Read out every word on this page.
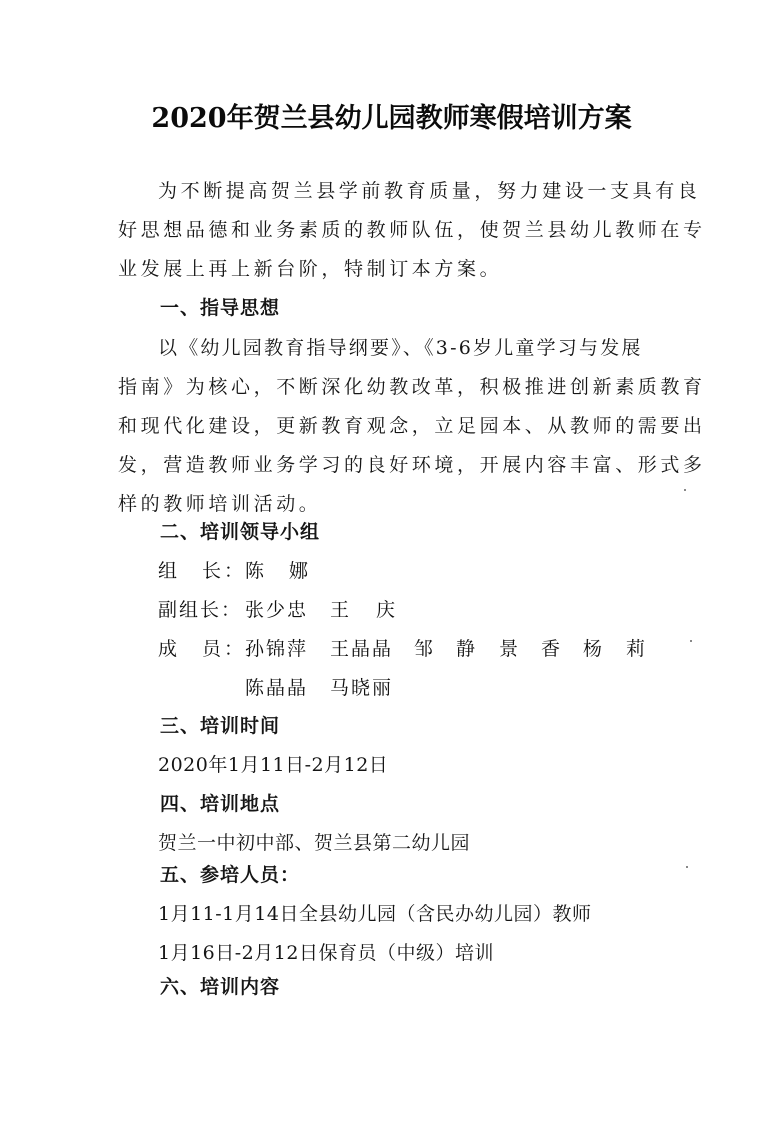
2020年贺兰县幼儿园教师寒假培训方案
为不断提高贺兰县学前教育质量，努力建设一支具有良
好思想品德和业务素质的教师队伍，使贺兰县幼儿教师在专
业发展上再上新台阶，特制订本方案。
一、指导思想
以《幼儿园教育指导纲要》、《3-6岁儿童学习与发展
指南》为核心，不断深化幼教改革，积极推进创新素质教育
和现代化建设，更新教育观念，立足园本、从教师的需要出
发，营造教师业务学习的良好环境，开展内容丰富、形式多
样的教师培训活动。
二、培训领导小组
组　长：
陈　娜
副组长： 张少忠 王　庆
成　员：
孙锦萍 王晶晶 邹 静 景 香 杨 莉
陈晶晶 马晓丽
三、培训时间
2020年1月11日-2月12日
四、培训地点
贺兰一中初中部、贺兰县第二幼儿园
五、参培人员：
1月11-1月14日全县幼儿园（含民办幼儿园）教师
1月16日-2月12日保育员（中级）培训
六、培训内容
